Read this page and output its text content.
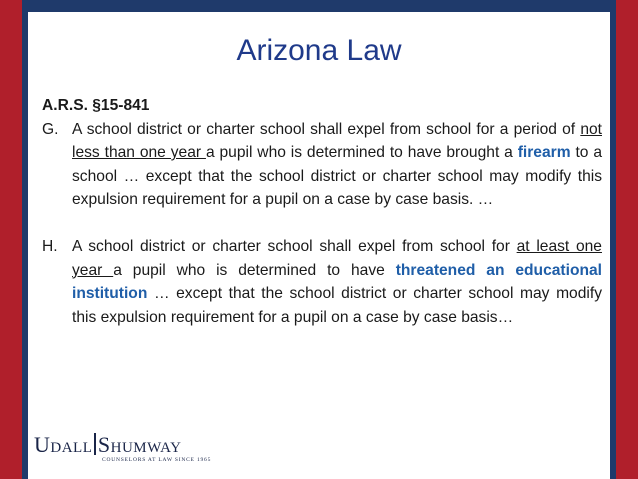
Arizona Law
A.R.S. §15-841
G. A school district or charter school shall expel from school for a period of not less than one year a pupil who is determined to have brought a firearm to a school … except that the school district or charter school may modify this expulsion requirement for a pupil on a case by case basis. …
H. A school district or charter school shall expel from school for at least one year a pupil who is determined to have threatened an educational institution … except that the school district or charter school may modify this expulsion requirement for a pupil on a case by case basis…
Udall Shumway
COUNSELORS AT LAW SINCE 1965
